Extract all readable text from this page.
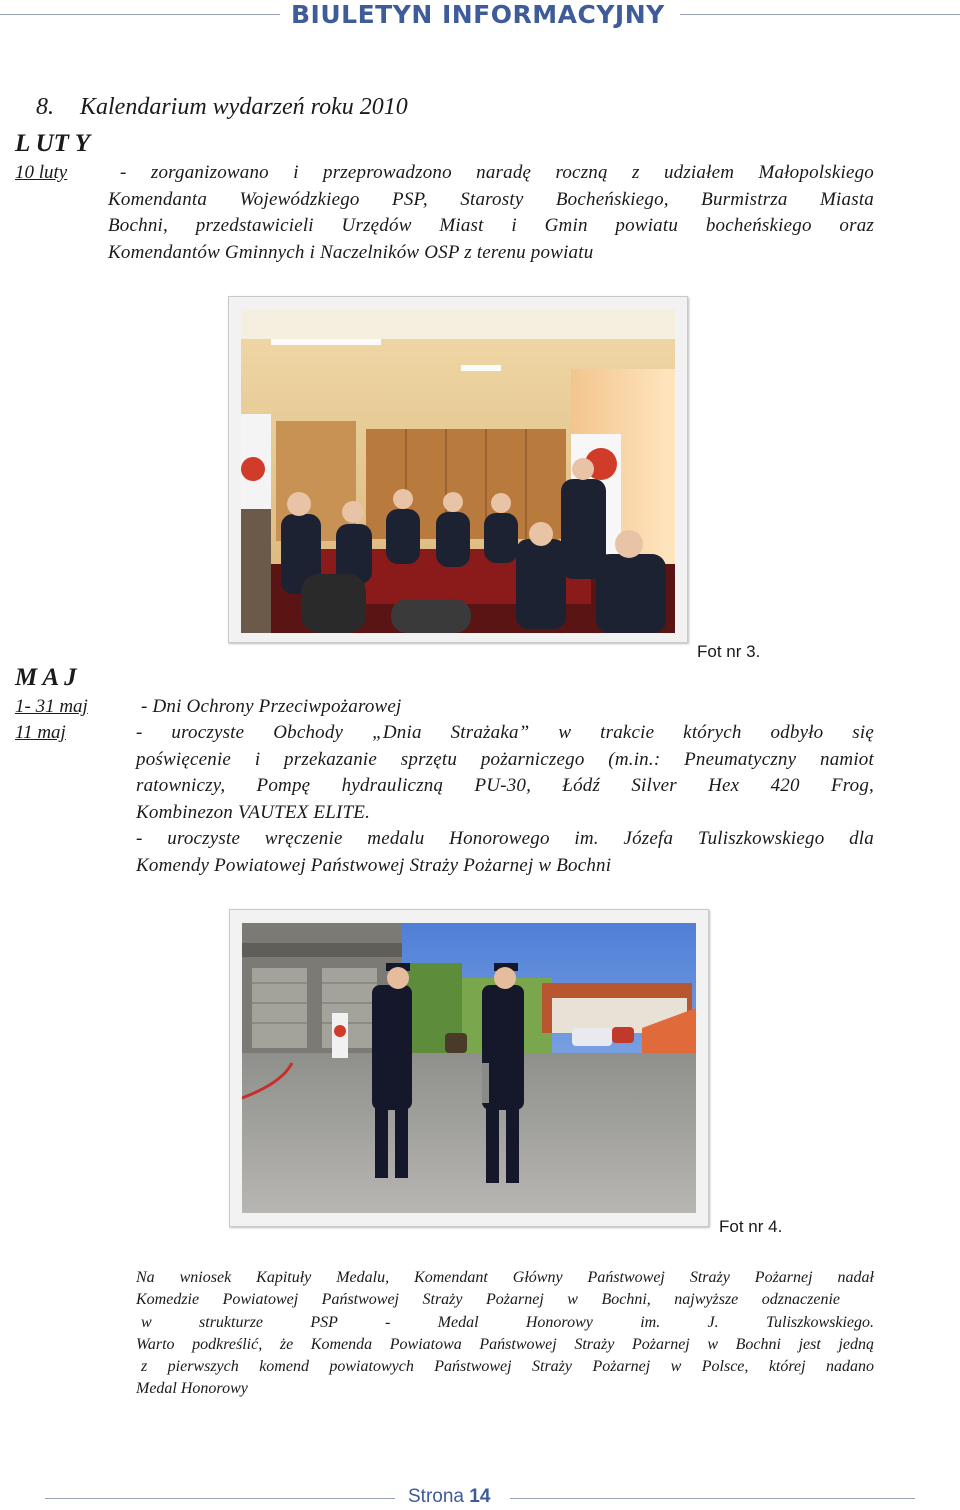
BIULETYN INFORMACYJNY
8. Kalendarium wydarzeń roku 2010
L UT Y
10 luty	- zorganizowano i przeprowadzono naradę roczną z udziałem Małopolskiego
Komendanta Wojewódzkiego PSP, Starosty Bocheńskiego, Burmistrza Miasta
Bochni, przedstawicieli Urzędów Miast i Gmin powiatu bocheńskiego oraz
Komendantów Gminnych i Naczelników OSP z terenu powiatu
Fot nr 3.
M A J
1- 31 maj	- Dni Ochrony Przeciwpożarowej
11 maj	- uroczyste Obchody „Dnia Strażaka” w trakcie których odbyło się
poświęcenie i przekazanie sprzętu pożarniczego (m.in.: Pneumatyczny namiot
ratowniczy, Pompę hydrauliczną PU-30, Łódź Silver Hex 420 Frog,
Kombinezon VAUTEX ELITE.
- uroczyste wręczenie medalu Honorowego im. Józefa Tuliszkowskiego dla
Komendy Powiatowej Państwowej Straży Pożarnej w Bochni
Fot nr 4.
Na wniosek Kapituły Medalu, Komendant Główny Państwowej Straży Pożarnej nadał
Komedzie Powiatowej Państwowej Straży Pożarnej w Bochni, najwyższe odznaczenie
w strukturze PSP - Medal Honorowy im. J. Tuliszkowskiego.
Warto podkreślić, że Komenda Powiatowa Państwowej Straży Pożarnej w Bochni jest jedną
z pierwszych komend powiatowych Państwowej Straży Pożarnej w Polsce, której nadano
Medal Honorowy
Strona 14
